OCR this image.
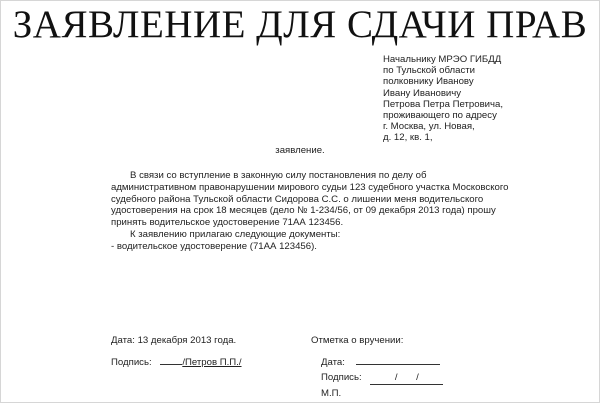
ЗАЯВЛЕНИЕ ДЛЯ СДАЧИ ПРАВ
Начальнику МРЭО ГИБДД
по Тульской области
полковнику Иванову
Ивану Ивановичу
Петрова Петра Петровича,
проживающего по адресу
г. Москва, ул. Новая,
д. 12, кв. 1,
заявление.
В связи со вступление в законную силу постановления по делу об
административном правонарушении мирового судьи 123 судебного участка Московского
судебного района Тульской области Сидорова С.С. о лишении меня водительского
удостоверения на срок 18 месяцев (дело № 1-234/56, от 09 декабря 2013 года) прошу
принять водительское удостоверение 71АА 123456.
К заявлению прилагаю следующие документы:
- водительское удостоверение (71АА 123456).
Дата: 13 декабря 2013 года.
Подпись:	/Петров П.П./
Отметка о вручении:
Дата:
Подпись:	/       /
М.П.
